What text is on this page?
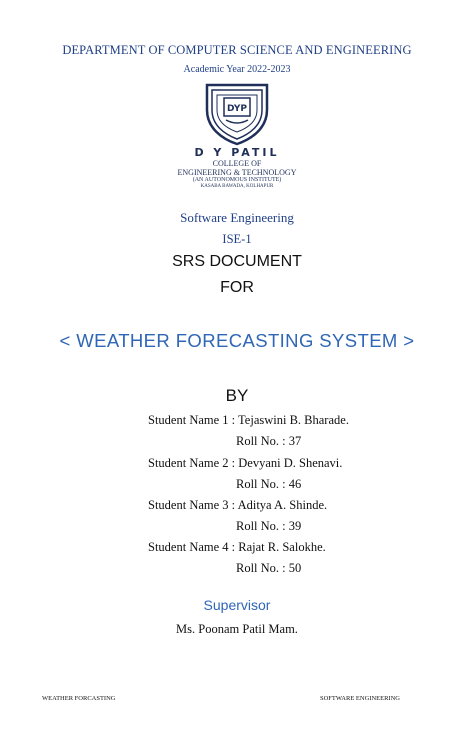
DEPARTMENT OF COMPUTER SCIENCE AND ENGINEERING
Academic Year 2022-2023
DYP
D Y PATIL
COLLEGE OF
ENGINEERING & TECHNOLOGY
(AN AUTONOMOUS INSTITUTE)
KASABA BAWADA, KOLHAPUR
Software Engineering
ISE-1
SRS DOCUMENT
FOR
< WEATHER FORECASTING SYSTEM >
BY
Student Name 1 : Tejaswini B. Bharade.
Roll No. : 37
Student Name 2 : Devyani D. Shenavi.
Roll No. : 46
Student Name 3 : Aditya A. Shinde.
Roll No. : 39
Student Name 4 : Rajat R. Salokhe.
Roll No. : 50
Supervisor
Ms. Poonam Patil Mam.
WEATHER FORCASTING	SOFTWARE ENGINEERING
